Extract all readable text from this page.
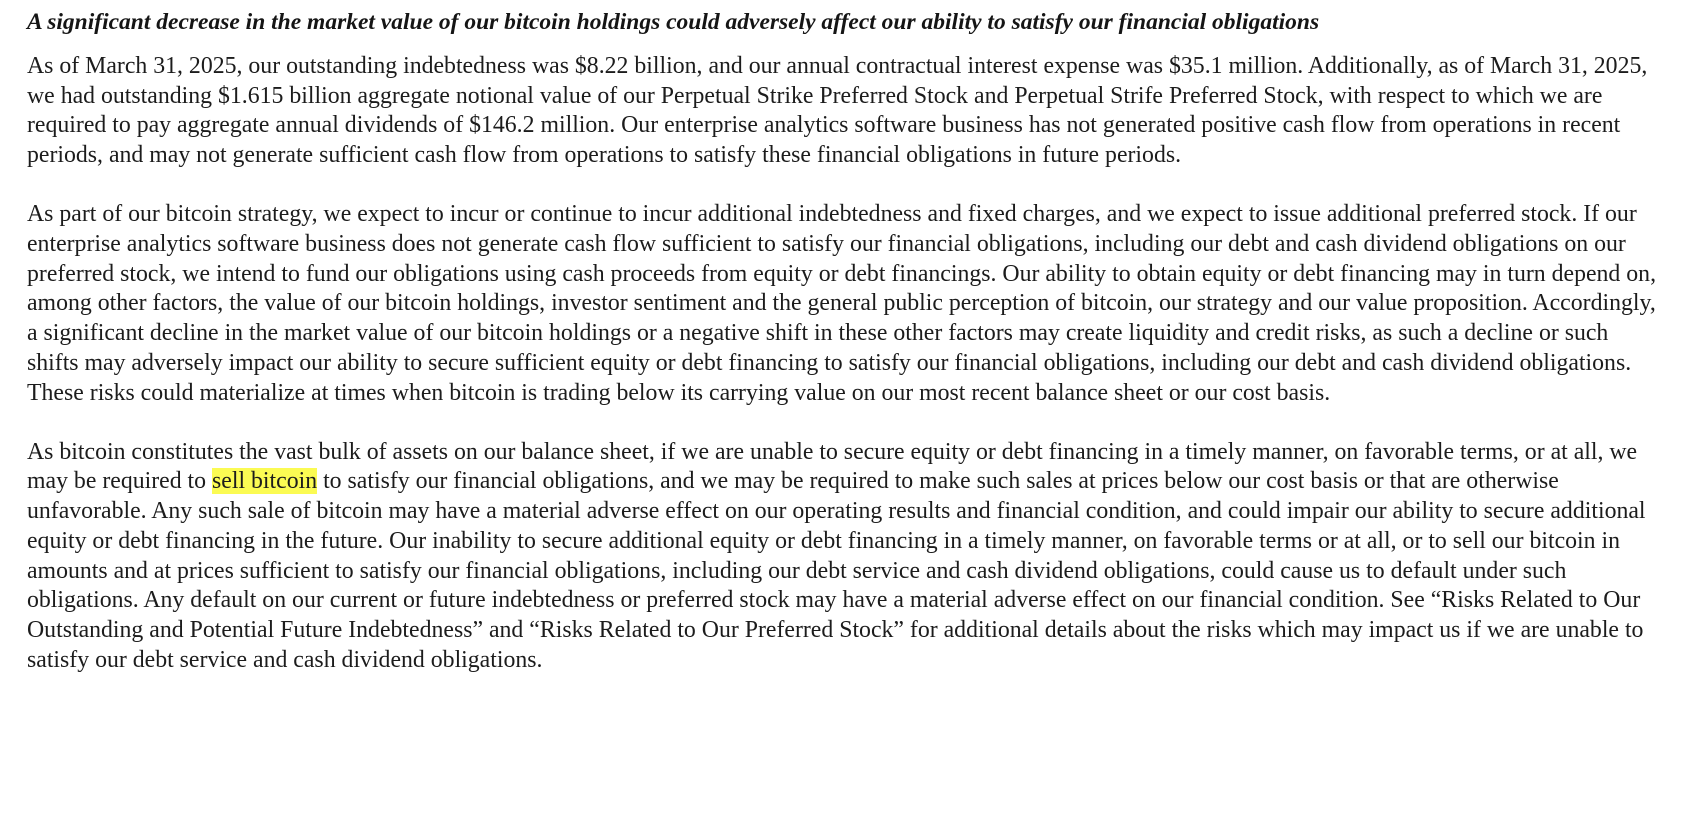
A significant decrease in the market value of our bitcoin holdings could adversely affect our ability to satisfy our financial obligations

As of March 31, 2025, our outstanding indebtedness was $8.22 billion, and our annual contractual interest expense was $35.1 million. Additionally, as of March 31, 2025, we had outstanding $1.615 billion aggregate notional value of our Perpetual Strike Preferred Stock and Perpetual Strife Preferred Stock, with respect to which we are required to pay aggregate annual dividends of $146.2 million. Our enterprise analytics software business has not generated positive cash flow from operations in recent periods, and may not generate sufficient cash flow from operations to satisfy these financial obligations in future periods.

As part of our bitcoin strategy, we expect to incur or continue to incur additional indebtedness and fixed charges, and we expect to issue additional preferred stock. If our enterprise analytics software business does not generate cash flow sufficient to satisfy our financial obligations, including our debt and cash dividend obligations on our preferred stock, we intend to fund our obligations using cash proceeds from equity or debt financings. Our ability to obtain equity or debt financing may in turn depend on, among other factors, the value of our bitcoin holdings, investor sentiment and the general public perception of bitcoin, our strategy and our value proposition. Accordingly, a significant decline in the market value of our bitcoin holdings or a negative shift in these other factors may create liquidity and credit risks, as such a decline or such shifts may adversely impact our ability to secure sufficient equity or debt financing to satisfy our financial obligations, including our debt and cash dividend obligations. These risks could materialize at times when bitcoin is trading below its carrying value on our most recent balance sheet or our cost basis.

As bitcoin constitutes the vast bulk of assets on our balance sheet, if we are unable to secure equity or debt financing in a timely manner, on favorable terms, or at all, we may be required to sell bitcoin to satisfy our financial obligations, and we may be required to make such sales at prices below our cost basis or that are otherwise unfavorable. Any such sale of bitcoin may have a material adverse effect on our operating results and financial condition, and could impair our ability to secure additional equity or debt financing in the future. Our inability to secure additional equity or debt financing in a timely manner, on favorable terms or at all, or to sell our bitcoin in amounts and at prices sufficient to satisfy our financial obligations, including our debt service and cash dividend obligations, could cause us to default under such obligations. Any default on our current or future indebtedness or preferred stock may have a material adverse effect on our financial condition. See “Risks Related to Our Outstanding and Potential Future Indebtedness” and “Risks Related to Our Preferred Stock” for additional details about the risks which may impact us if we are unable to satisfy our debt service and cash dividend obligations.
